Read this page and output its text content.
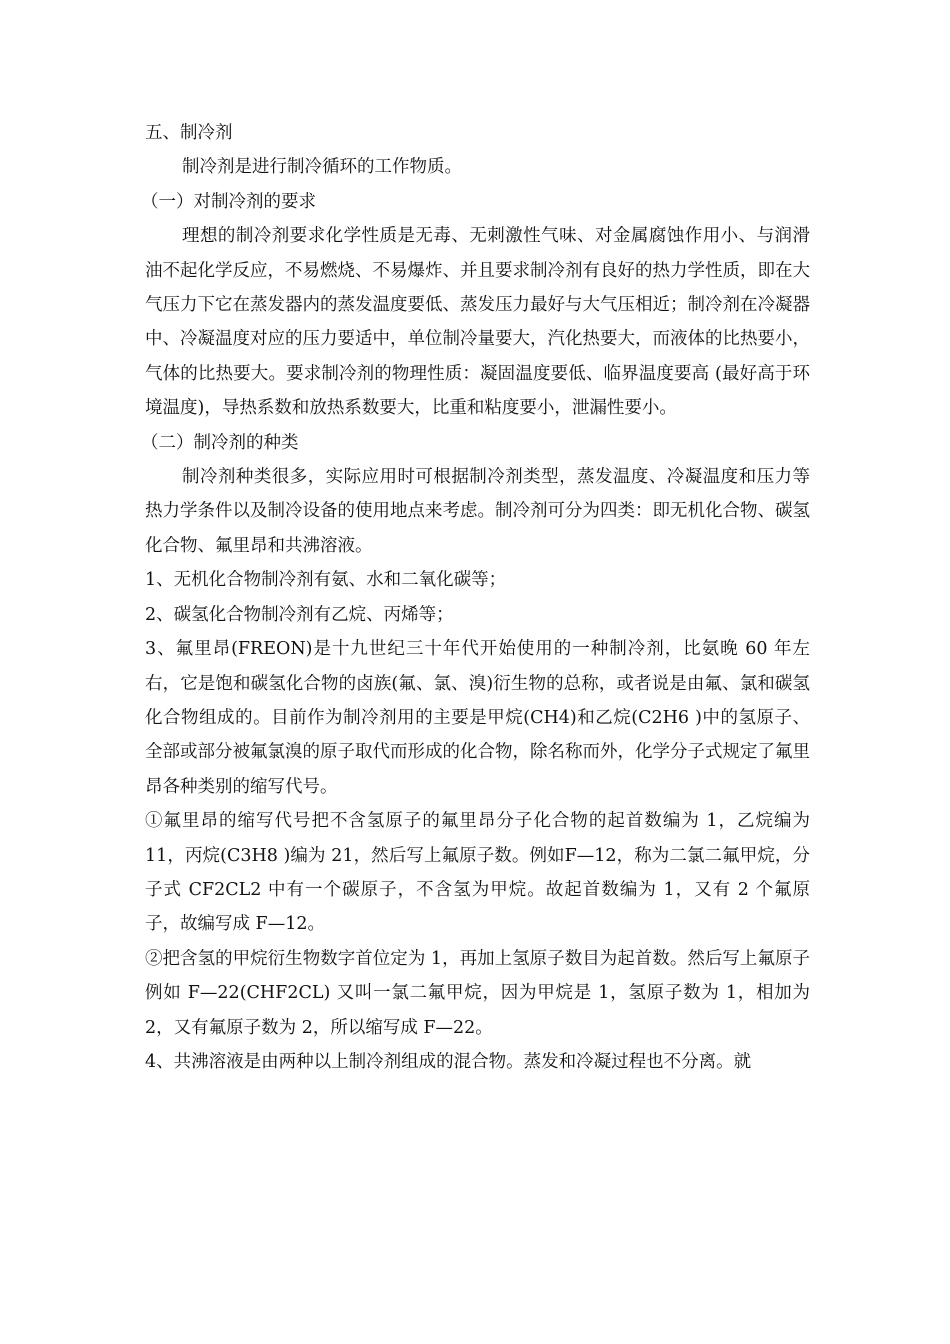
五、制冷剂

制冷剂是进行制冷循环的工作物质。

（一）对制冷剂的要求

理想的制冷剂要求化学性质是无毒、无刺激性气味、对金属腐蚀作用小、与润滑油不起化学反应，不易燃烧、不易爆炸、并且要求制冷剂有良好的热力学性质，即在大气压力下它在蒸发器内的蒸发温度要低、蒸发压力最好与大气压相近；制冷剂在冷凝器中、冷凝温度对应的压力要适中，单位制冷量要大，汽化热要大，而液体的比热要小，气体的比热要大。要求制冷剂的物理性质：凝固温度要低、临界温度要高 (最好高于环境温度)，导热系数和放热系数要大，比重和粘度要小，泄漏性要小。

（二）制冷剂的种类

制冷剂种类很多，实际应用时可根据制冷剂类型，蒸发温度、冷凝温度和压力等热力学条件以及制冷设备的使用地点来考虑。制冷剂可分为四类：即无机化合物、碳氢化合物、氟里昂和共沸溶液。

1、无机化合物制冷剂有氨、水和二氧化碳等；

2、碳氢化合物制冷剂有乙烷、丙烯等；

3、氟里昂(FREON)是十九世纪三十年代开始使用的一种制冷剂，比氨晚 60 年左右，它是饱和碳氢化合物的卤族(氟、氯、溴)衍生物的总称，或者说是由氟、氯和碳氢化合物组成的。目前作为制冷剂用的主要是甲烷(CH4)和乙烷(C2H6 )中的氢原子、全部或部分被氟氯溴的原子取代而形成的化合物，除名称而外，化学分子式规定了氟里昂各种类别的缩写代号。

①氟里昂的缩写代号把不含氢原子的氟里昂分子化合物的起首数编为 1，乙烷编为 11，丙烷(C3H8 )编为 21，然后写上氟原子数。例如F—12，称为二氯二氟甲烷，分子式 CF2CL2 中有一个碳原子，不含氢为甲烷。故起首数编为 1，又有 2 个氟原子，故编写成 F—12。

②把含氢的甲烷衍生物数字首位定为 1，再加上氢原子数目为起首数。然后写上氟原子例如 F—22(CHF2CL) 又叫一氯二氟甲烷，因为甲烷是 1，氢原子数为 1，相加为 2，又有氟原子数为 2，所以缩写成 F—22。

4、共沸溶液是由两种以上制冷剂组成的混合物。蒸发和冷凝过程也不分离。就
